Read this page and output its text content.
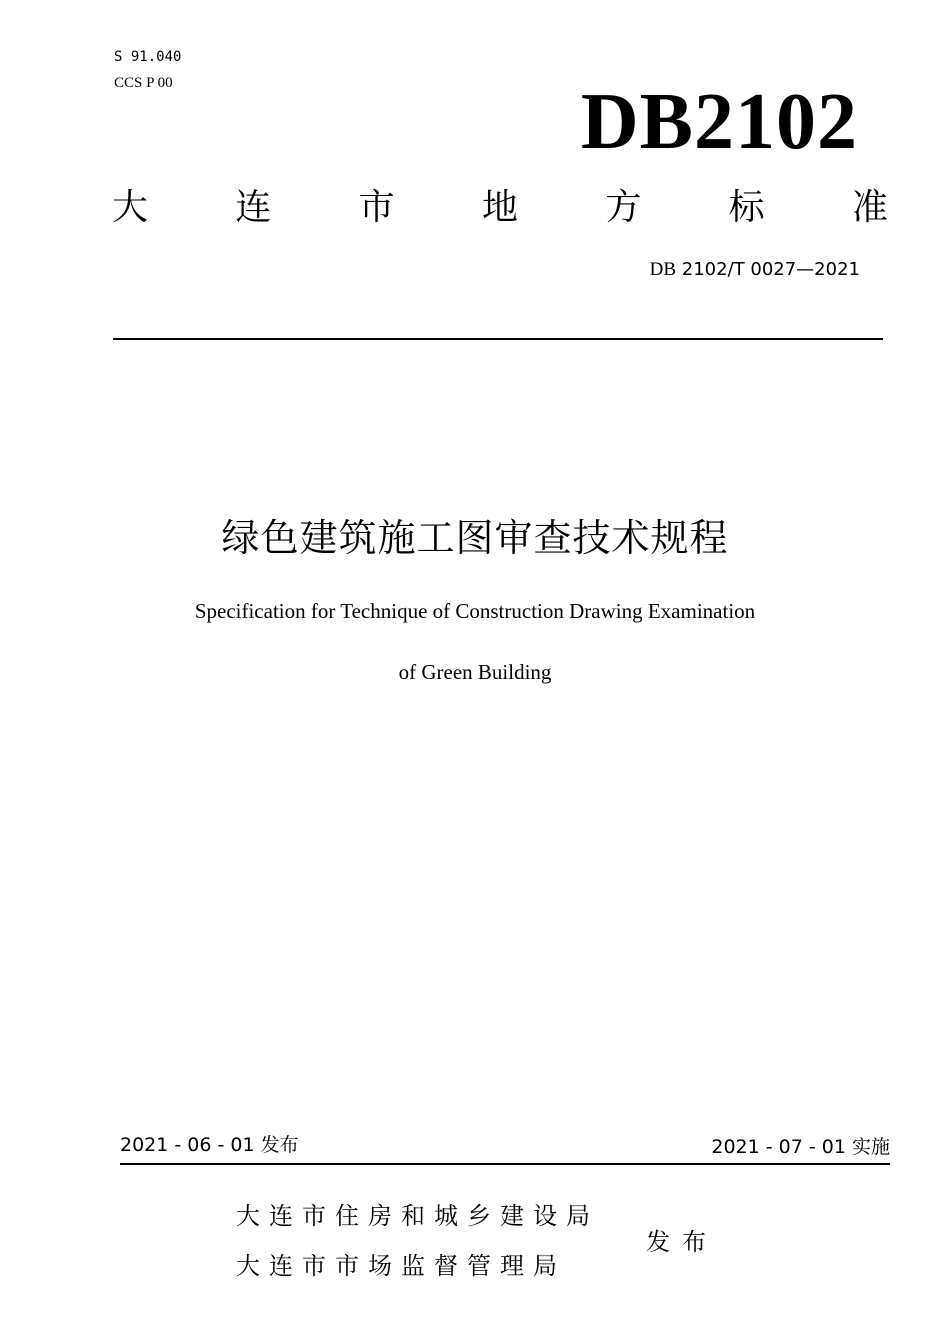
S 91.040
CCS P 00	DB2102
大 连 市 地 方 标 准
DB 2102/T 0027—2021
绿色建筑施工图审查技术规程
Specification for Technique of Construction Drawing Examination
of Green Building
2021 - 06 - 01 发布	2021 - 07 - 01 实施
大连市住房和城乡建设局
大连市市场监督管理局
发布
